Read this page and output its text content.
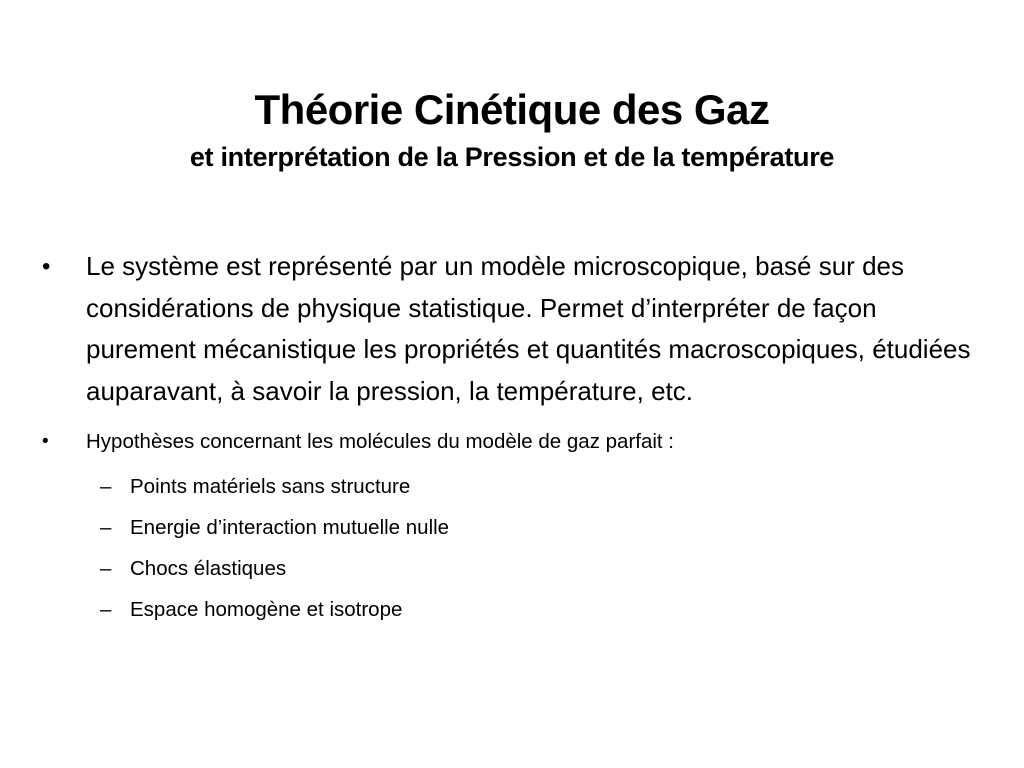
Théorie Cinétique des Gaz
et interprétation de la Pression et de la température
•	Le système est représenté par un modèle microscopique, basé sur des considérations de physique statistique. Permet d’interpréter de façon purement mécanistique les propriétés et quantités macroscopiques, étudiées auparavant, à savoir la pression, la température, etc.
•	Hypothèses concernant les molécules du modèle de gaz parfait :
– Points matériels sans structure
– Energie d’interaction mutuelle nulle
– Chocs élastiques
– Espace homogène et isotrope
